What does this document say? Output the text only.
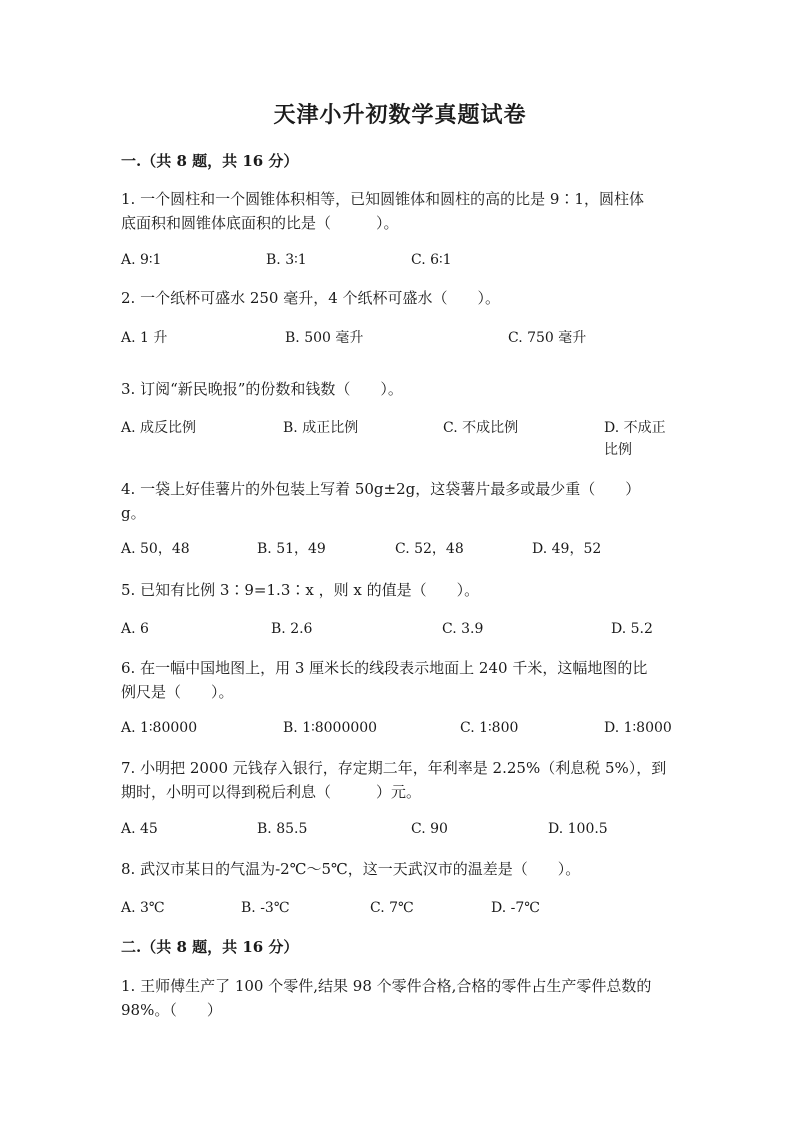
天津小升初数学真题试卷
一.（共 8 题，共 16 分）
1. 一个圆柱和一个圆锥体积相等，已知圆锥体和圆柱的高的比是 9∶1，圆柱体
底面积和圆锥体底面积的比是（　　　）。
A. 9∶1	B. 3∶1	C. 6∶1
2. 一个纸杯可盛水 250 毫升，4 个纸杯可盛水（　　）。
A. 1 升	B. 500 毫升	C. 750 毫升
3. 订阅“新民晚报”的份数和钱数（　　）。
A. 成反比例	B. 成正比例	C. 不成比例	D. 不成正比例
4. 一袋上好佳薯片的外包装上写着 50g±2g，这袋薯片最多或最少重（　　）
g。
A. 50，48	B. 51，49	C. 52，48	D. 49，52
5. 已知有比例 3∶9=1.3∶x ，则 x 的值是（　　）。
A. 6	B. 2.6	C. 3.9	D. 5.2
6. 在一幅中国地图上，用 3 厘米长的线段表示地面上 240 千米，这幅地图的比
例尺是（　　）。
A. 1∶80000	B. 1∶8000000	C. 1∶800	D. 1∶8000
7. 小明把 2000 元钱存入银行，存定期二年，年利率是 2.25%（利息税 5%），到
期时，小明可以得到税后利息（　　　）元。
A. 45	B. 85.5	C. 90	D. 100.5
8. 武汉市某日的气温为-2℃～5℃，这一天武汉市的温差是（　　）。
A. 3℃	B. -3℃	C. 7℃	D. -7℃
二.（共 8 题，共 16 分）
1. 王师傅生产了 100 个零件,结果 98 个零件合格,合格的零件占生产零件总数的
98%。（　　）
